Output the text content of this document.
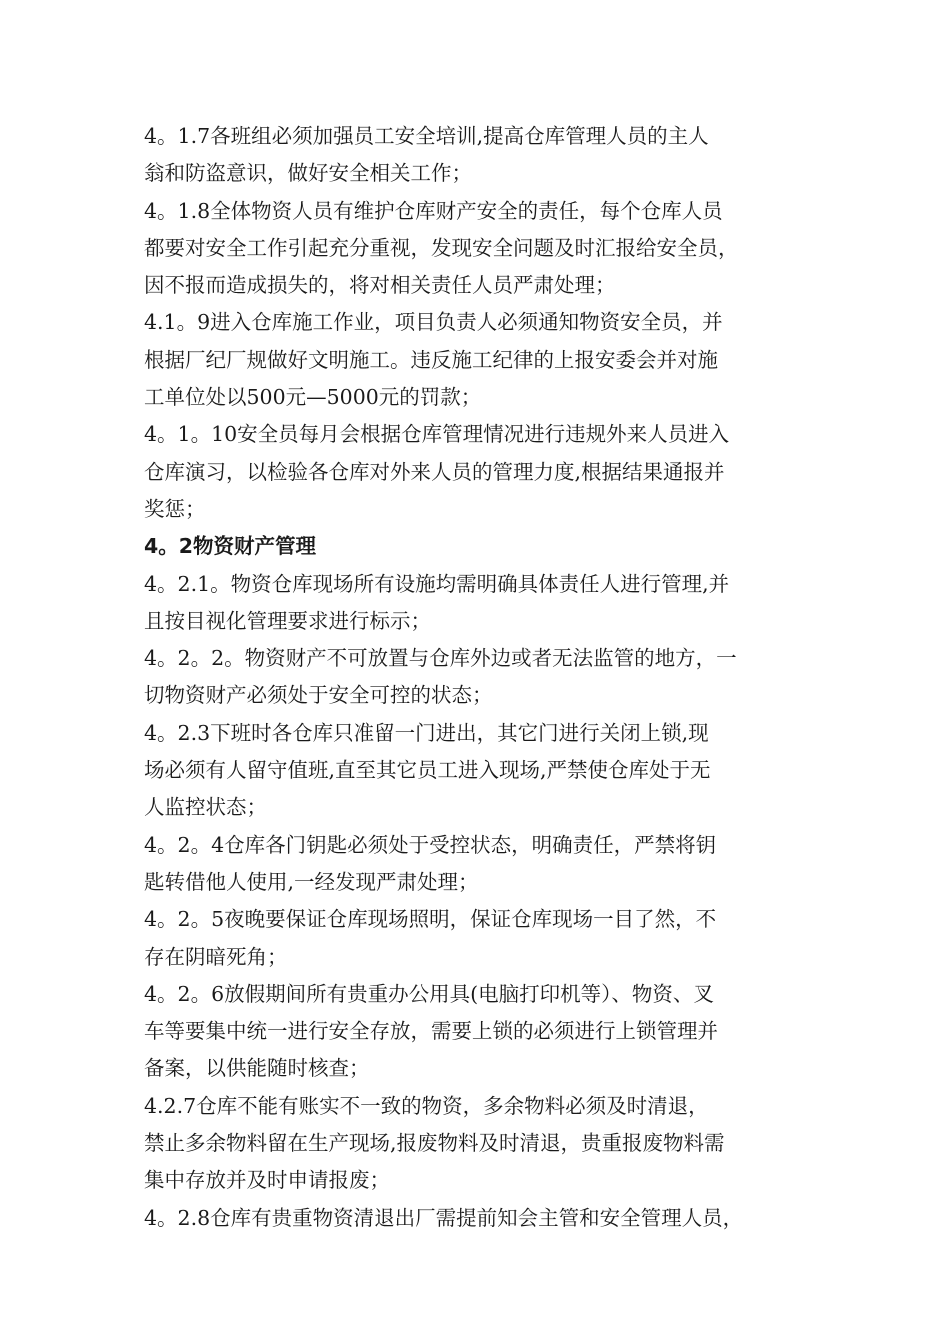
4。1.7各班组必须加强员工安全培训,提高仓库管理人员的主人
翁和防盗意识，做好安全相关工作；
4。1.8全体物资人员有维护仓库财产安全的责任，每个仓库人员
都要对安全工作引起充分重视，发现安全问题及时汇报给安全员，
因不报而造成损失的，将对相关责任人员严肃处理；
4.1。9进入仓库施工作业，项目负责人必须通知物资安全员，并
根据厂纪厂规做好文明施工。违反施工纪律的上报安委会并对施
工单位处以500元—5000元的罚款；
4。1。10安全员每月会根据仓库管理情况进行违规外来人员进入
仓库演习，以检验各仓库对外来人员的管理力度,根据结果通报并
奖惩；
4。2物资财产管理
4。2.1。物资仓库现场所有设施均需明确具体责任人进行管理,并
且按目视化管理要求进行标示；
4。2。2。物资财产不可放置与仓库外边或者无法监管的地方，一
切物资财产必须处于安全可控的状态；
4。2.3下班时各仓库只准留一门进出，其它门进行关闭上锁,现
场必须有人留守值班,直至其它员工进入现场,严禁使仓库处于无
人监控状态；
4。2。4仓库各门钥匙必须处于受控状态，明确责任，严禁将钥
匙转借他人使用,一经发现严肃处理；
4。2。5夜晚要保证仓库现场照明，保证仓库现场一目了然，不
存在阴暗死角；
4。2。6放假期间所有贵重办公用具(电脑打印机等）、物资、叉
车等要集中统一进行安全存放，需要上锁的必须进行上锁管理并
备案，以供能随时核查；
4.2.7仓库不能有账实不一致的物资，多余物料必须及时清退，
禁止多余物料留在生产现场,报废物料及时清退，贵重报废物料需
集中存放并及时申请报废；
4。2.8仓库有贵重物资清退出厂需提前知会主管和安全管理人员，
